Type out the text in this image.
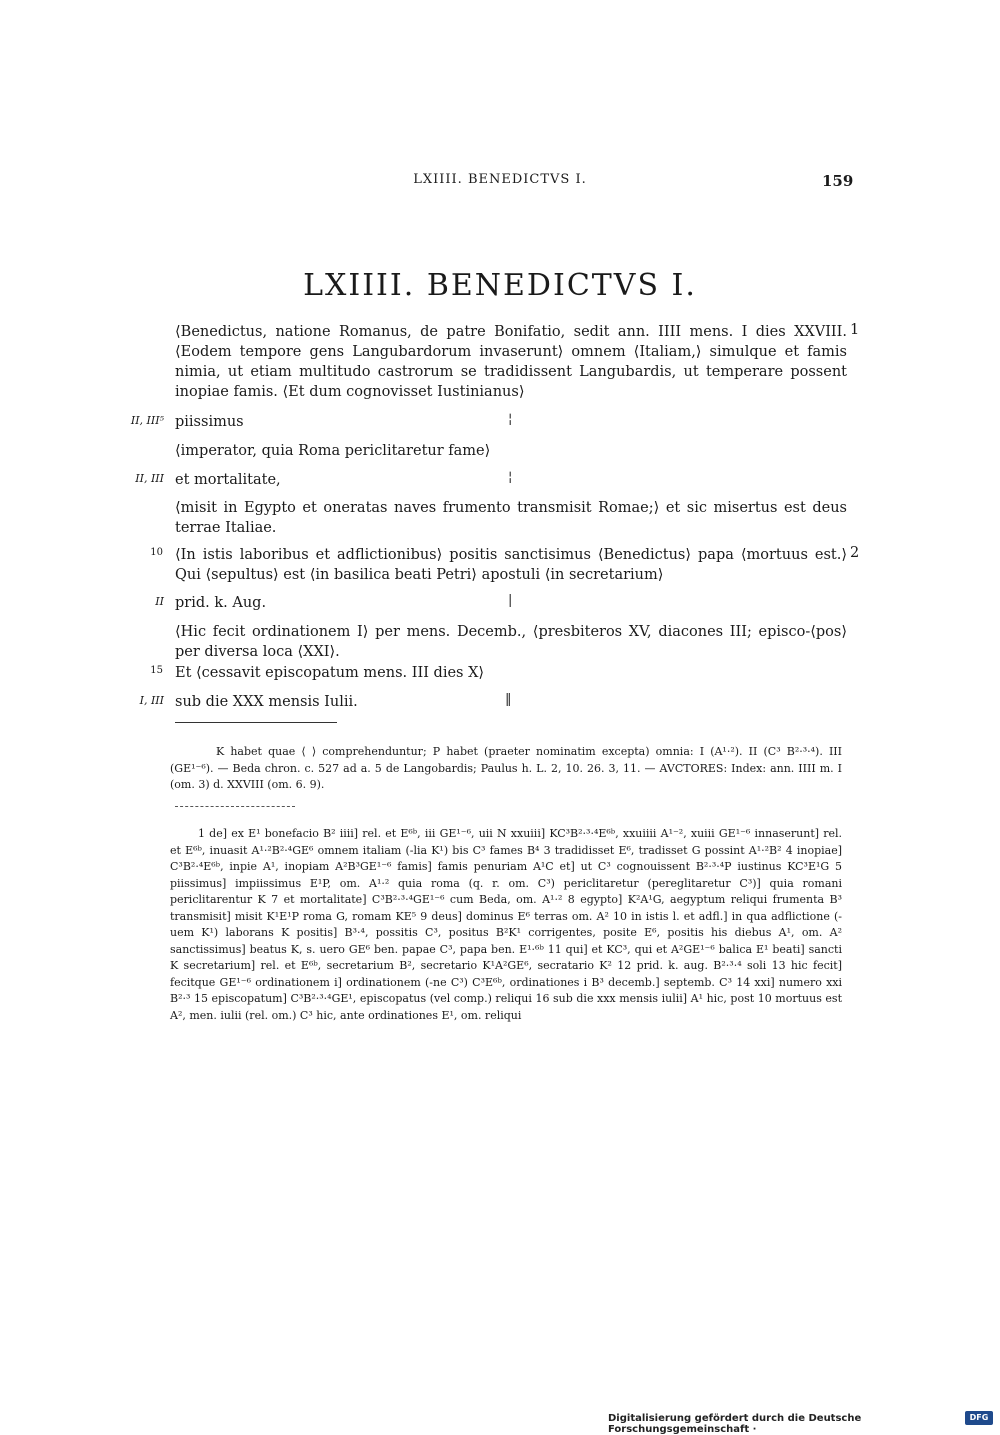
LXIIII. BENEDICTVS I.	159
LXIIII. BENEDICTVS I.
⟨Benedictus, natione Romanus, de patre Bonifatio, sedit ann. IIII mens. I dies XXVIII. ⟨Eodem tempore gens Langubardorum invaserunt⟩ omnem ⟨Italiam,⟩ simulque et famis nimia, ut etiam multitudo castrorum se tradidissent Langubardis, ut temperare possent inopiae famis. ⟨Et dum cognovisset Iustinianus⟩
1
II, III⁵ piissimus	¦
⟨imperator, quia Roma periclitaretur fame⟩
II, III et mortalitate,	¦
⟨misit in Egypto et oneratas naves frumento transmisit Romae;⟩ et sic misertus est deus terrae Italiae.
10 ⟨In istis laboribus et adflictionibus⟩ positis sanctisimus ⟨Benedictus⟩ papa ⟨mortuus est.⟩ Qui ⟨sepultus⟩ est ⟨in basilica beati Petri⟩ apostuli ⟨in secretarium⟩
2
II prid. k. Aug.	|
⟨Hic fecit ordinationem I⟩ per mens. Decemb., ⟨presbiteros XV, diacones III; episco-⟨pos⟩ per diversa loca ⟨XXI⟩.
15 Et ⟨cessavit episcopatum mens. III dies X⟩
I, III sub die XXX mensis Iulii.	‖
K habet quae ⟨ ⟩ comprehenduntur; P habet (praeter nominatim excepta) omnia: I (A¹·²). II (C³ B²·³·⁴). III (GE¹⁻⁶). — Beda chron. c. 527 ad a. 5 de Langobardis; Paulus h. L. 2, 10. 26. 3, 11. — AVCTORES: Index: ann. IIII m. I (om. 3) d. XXVIII (om. 6. 9).
1 de] ex E¹ bonefacio B² iiii] rel. et E⁶ᵇ, iii GE¹⁻⁶, uii N xxuiii] KC³B²·³·⁴E⁶ᵇ, xxuiiii A¹⁻², xuiii GE¹⁻⁶ innaserunt] rel. et E⁶ᵇ, inuasit A¹·²B²·⁴GE⁶ omnem italiam (-lia K¹) bis C³ fames B⁴ 3 tradidisset E⁶, tradisset G possint A¹·²B² 4 inopiae] C³B²·⁴E⁶ᵇ, inpie A¹, inopiam A²B³GE¹⁻⁶ famis] famis penuriam A¹C et] ut C³ cognouissent B²·³·⁴P iustinus KC³E¹G 5 piissimus] impiissimus E¹P, om. A¹·² quia roma (q. r. om. C³) periclitaretur (pereglitaretur C³)] quia romani periclitarentur K 7 et mortalitate] C³B²·³·⁴GE¹⁻⁶ cum Beda, om. A¹·² 8 egypto] K²A¹G, aegyptum reliqui frumenta B³ transmisit] misit K¹E¹P roma G, romam KE⁵ 9 deus] dominus E⁶ terras om. A² 10 in istis l. et adfl.] in qua adflictione (-uem K¹) laborans K positis] B³·⁴, possitis C³, positus B²K¹ corrigentes, posite E⁶, positis his diebus A¹, om. A² sanctissimus] beatus K, s. uero GE⁶ ben. papae C³, papa ben. E¹·⁶ᵇ 11 qui] et KC³, qui et A²GE¹⁻⁶ balica E¹ beati] sancti K secretarium] rel. et E⁶ᵇ, secretarium B², secretario K¹A²GE⁶, secratario K² 12 prid. k. aug. B²·³·⁴ soli 13 hic fecit] fecitque GE¹⁻⁶ ordinationem i] ordinationem (-ne C³) C³E⁶ᵇ, ordinationes i B³ decemb.] septemb. C³ 14 xxi] numero xxi B²·³ 15 episcopatum] C³B²·³·⁴GE¹, episcopatus (vel comp.) reliqui 16 sub die xxx mensis iulii] A¹ hic, post 10 mortuus est A², men. iulii (rel. om.) C³ hic, ante ordinationes E¹, om. reliqui
Digitalisierung gefördert durch die Deutsche Forschungsgemeinschaft ·
DFG
